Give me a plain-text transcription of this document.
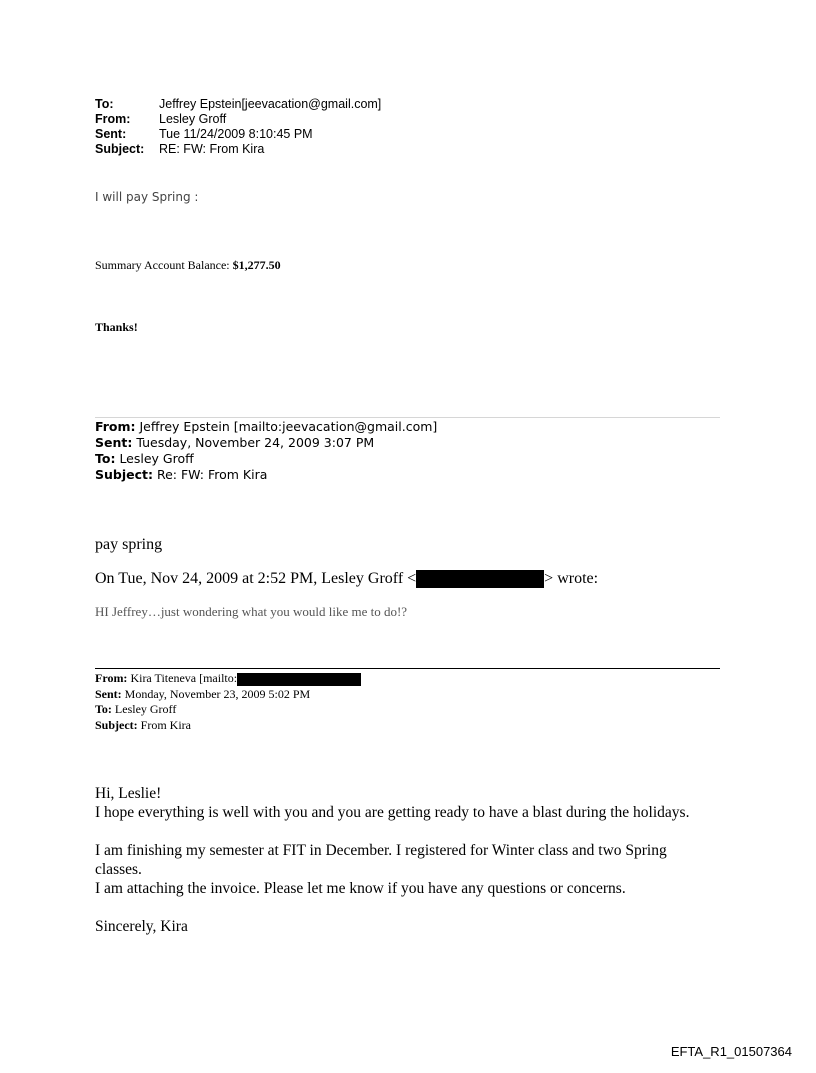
To:	Jeffrey Epstein[jeevacation@gmail.com]
From: Lesley Groff
Sent:	Tue 11/24/2009 8:10:45 PM
Subject: RE: FW: From Kira
I will pay Spring :
Summary Account Balance: $1,277.50
Thanks!
From: Jeffrey Epstein [mailto:jeevacation@gmail.com]
Sent: Tuesday, November 24, 2009 3:07 PM
To: Lesley Groff
Subject: Re: FW: From Kira
pay spring
On Tue, Nov 24, 2009 at 2:52 PM, Lesley Groff <	> wrote:
HI Jeffrey…just wondering what you would like me to do!?
From: Kira Titeneva [mailto:
Sent: Monday, November 23, 2009 5:02 PM
To: Lesley Groff
Subject: From Kira
Hi, Leslie!
I hope everything is well with you and you are getting ready to have a blast during the holidays.
I am finishing my semester at FIT in December. I registered for Winter class and two Spring
classes.
I am attaching the invoice. Please let me know if you have any questions or concerns.
Sincerely, Kira
EFTA_R1_01507364
